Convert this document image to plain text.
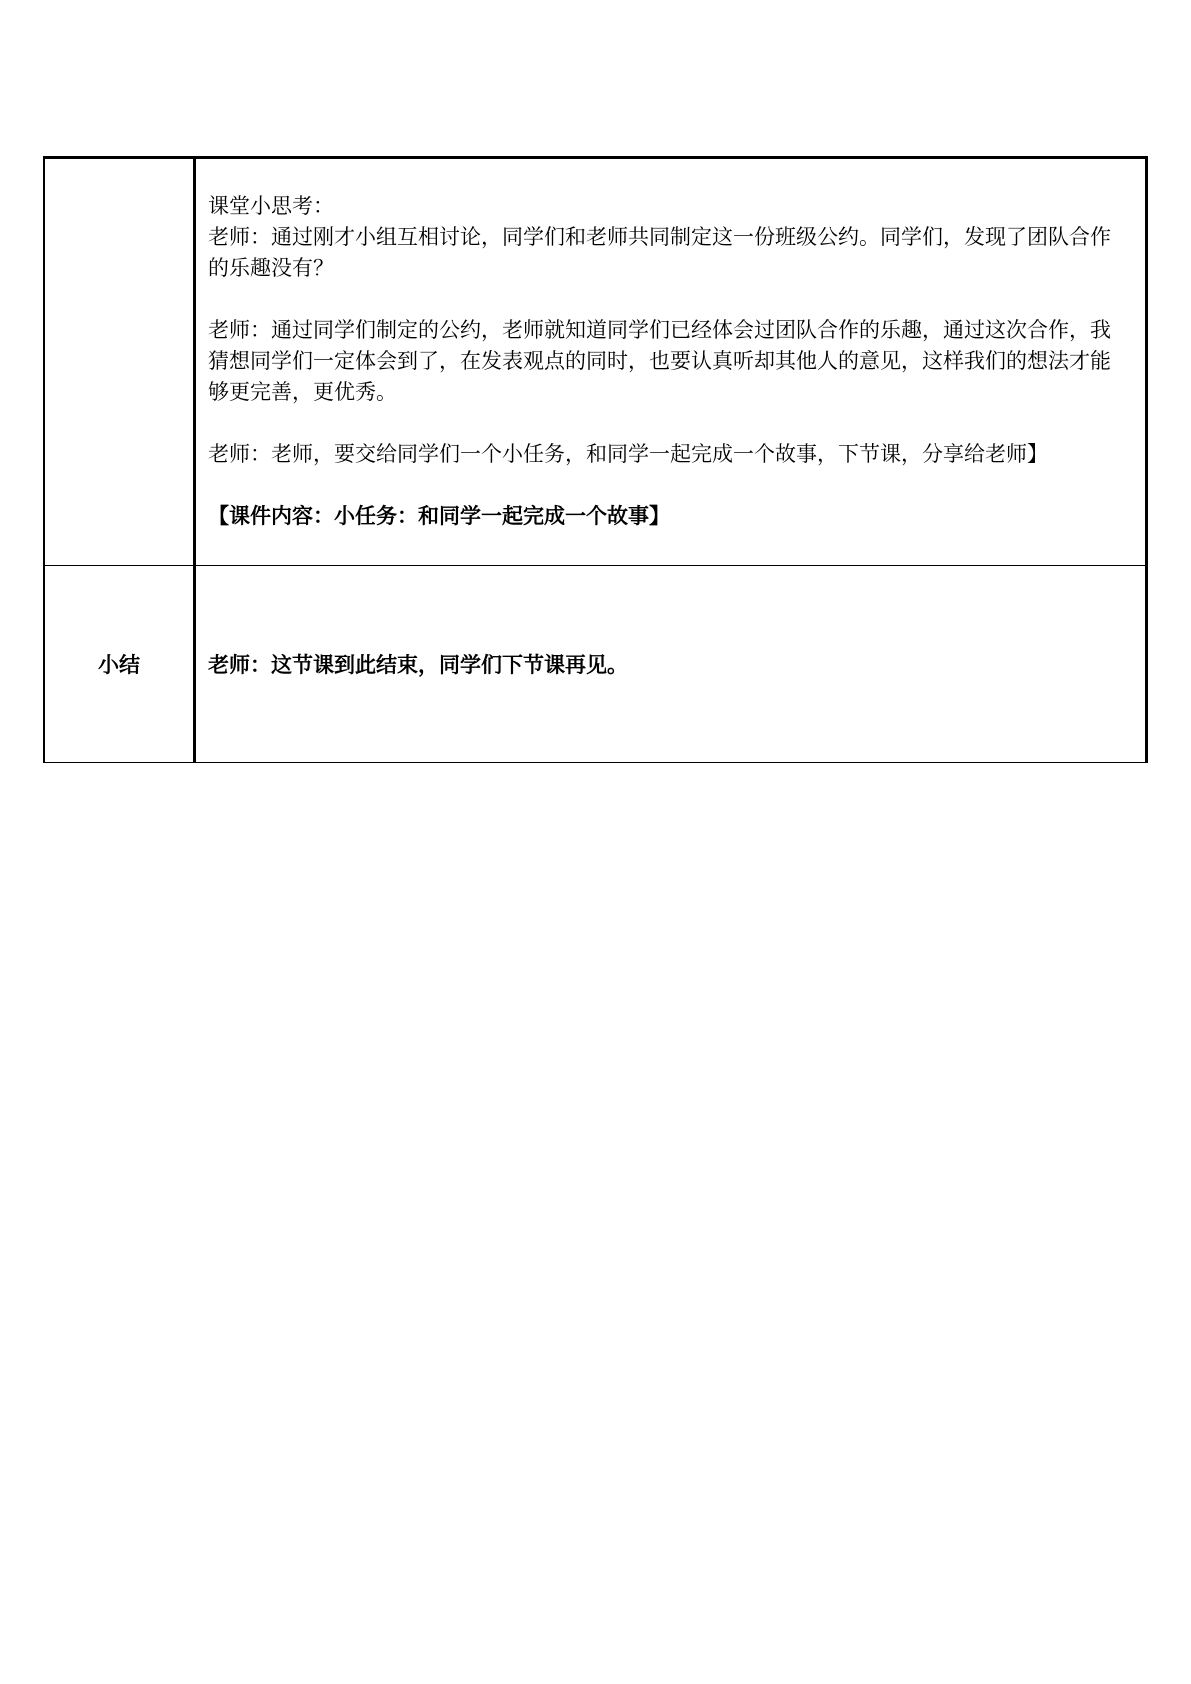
	课堂小思考：

老师：通过刚才小组互相讨论，同学们和老师共同制定这一份班级公约。同学们，发现了团队合作的乐趣没有？

老师：通过同学们制定的公约，老师就知道同学们已经体会过团队合作的乐趣，通过这次合作，我猜想同学们一定体会到了，在发表观点的同时，也要认真听却其他人的意见，这样我们的想法才能够更完善，更优秀。

老师：老师，要交给同学们一个小任务，和同学一起完成一个故事，下节课，分享给老师】

【课件内容：小任务：和同学一起完成一个故事】

小结	老师：这节课到此结束，同学们下节课再见。
